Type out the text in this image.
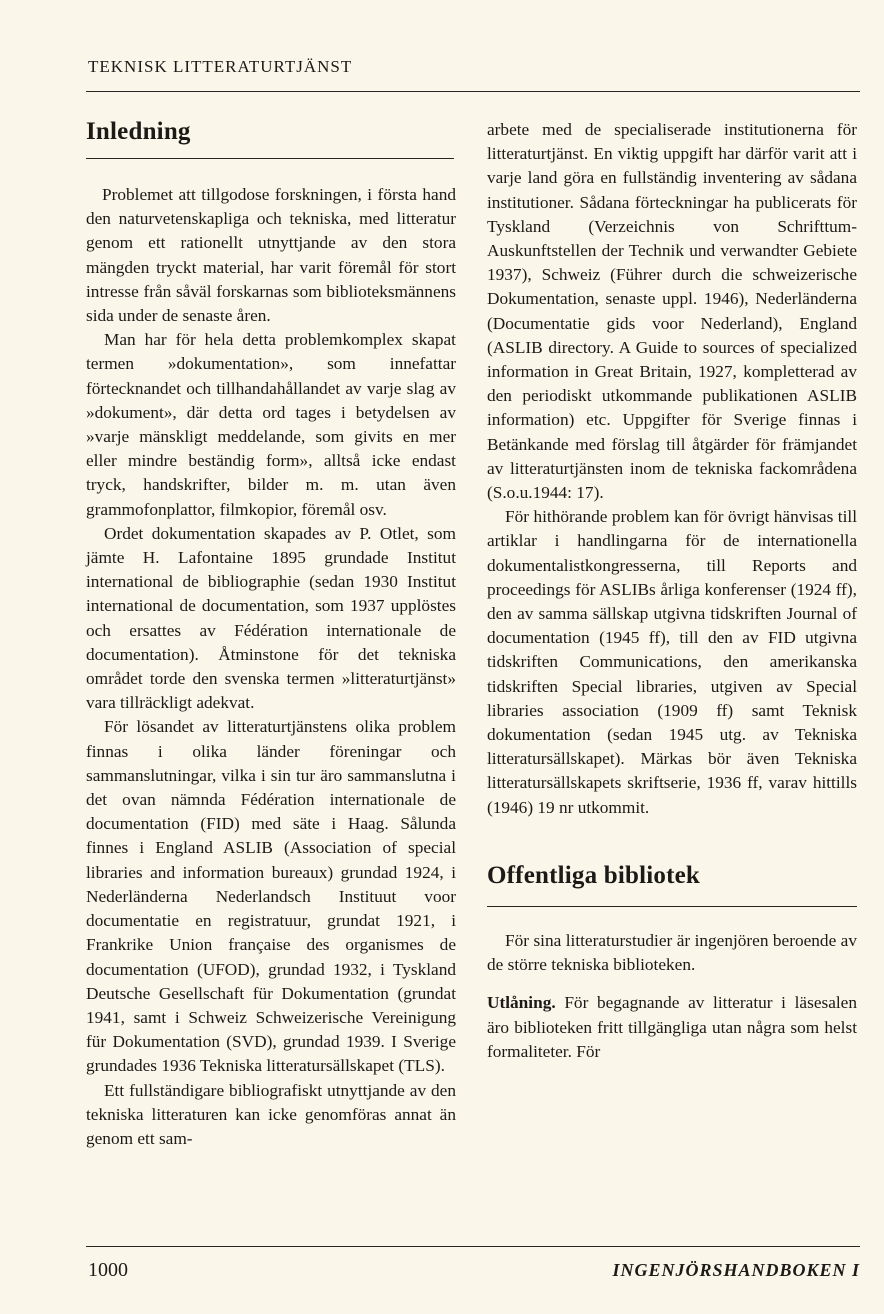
TEKNISK LITTERATURTJÄNST
Inledning

Problemet att tillgodose forskningen, i första hand den naturvetenskapliga och tekniska, med litteratur genom ett rationellt utnyttjande av den stora mängden tryckt material, har varit föremål för stort intresse från såväl forskarnas som biblioteksmännens sida under de senaste åren.

Man har för hela detta problemkomplex skapat termen »dokumentation», som innefattar förtecknandet och tillhandahållandet av varje slag av »dokument», där detta ord tages i betydelsen av »varje mänskligt meddelande, som givits en mer eller mindre beständig form», alltså icke endast tryck, handskrifter, bilder m. m. utan även grammofonplattor, filmkopior, föremål osv.

Ordet dokumentation skapades av P. Otlet, som jämte H. Lafontaine 1895 grundade Institut international de bibliographie (sedan 1930 Institut international de documentation, som 1937 upplöstes och ersattes av Fédération internationale de documentation). Åtminstone för det tekniska området torde den svenska termen »litteraturtjänst» vara tillräckligt adekvat.

För lösandet av litteraturtjänstens olika problem finnas i olika länder föreningar och sammanslutningar, vilka i sin tur äro sammanslutna i det ovan nämnda Fédération internationale de documentation (FID) med säte i Haag. Sålunda finnes i England ASLIB (Association of special libraries and information bureaux) grundad 1924, i Nederländerna Nederlandsch Instituut voor documentatie en registratuur, grundat 1921, i Frankrike Union française des organismes de documentation (UFOD), grundad 1932, i Tyskland Deutsche Gesellschaft für Dokumentation (grundat 1941, samt i Schweiz Schweizerische Vereinigung für Dokumentation (SVD), grundad 1939. I Sverige grundades 1936 Tekniska litteratursällskapet (TLS).

Ett fullständigare bibliografiskt utnyttjande av den tekniska litteraturen kan icke genomföras annat än genom ett sam-

arbete med de specialiserade institutionerna för litteraturtjänst. En viktig uppgift har därför varit att i varje land göra en fullständig inventering av sådana institutioner. Sådana förteckningar ha publicerats för Tyskland (Verzeichnis von Schrifttum-Auskunftstellen der Technik und verwandter Gebiete 1937), Schweiz (Führer durch die schweizerische Dokumentation, senaste uppl. 1946), Nederländerna (Documentatie gids voor Nederland), England (ASLIB directory. A Guide to sources of specialized information in Great Britain, 1927, kompletterad av den periodiskt utkommande publikationen ASLIB information) etc. Uppgifter för Sverige finnas i Betänkande med förslag till åtgärder för främjandet av litteraturtjänsten inom de tekniska fackområdena (S.o.u.1944: 17).

För hithörande problem kan för övrigt hänvisas till artiklar i handlingarna för de internationella dokumentalistkongresserna, till Reports and proceedings för ASLIBs årliga konferenser (1924 ff), den av samma sällskap utgivna tidskriften Journal of documentation (1945 ff), till den av FID utgivna tidskriften Communications, den amerikanska tidskriften Special libraries, utgiven av Special libraries association (1909 ff) samt Teknisk dokumentation (sedan 1945 utg. av Tekniska litteratursällskapet). Märkas bör även Tekniska litteratursällskapets skriftserie, 1936 ff, varav hittills (1946) 19 nr utkommit.

Offentliga bibliotek

För sina litteraturstudier är ingenjören beroende av de större tekniska biblioteken.

Utlåning. För begagnande av litteratur i läsesalen äro biblioteken fritt tillgängliga utan några som helst formaliteter. För

1000	INGENJÖRSHANDBOKEN I
